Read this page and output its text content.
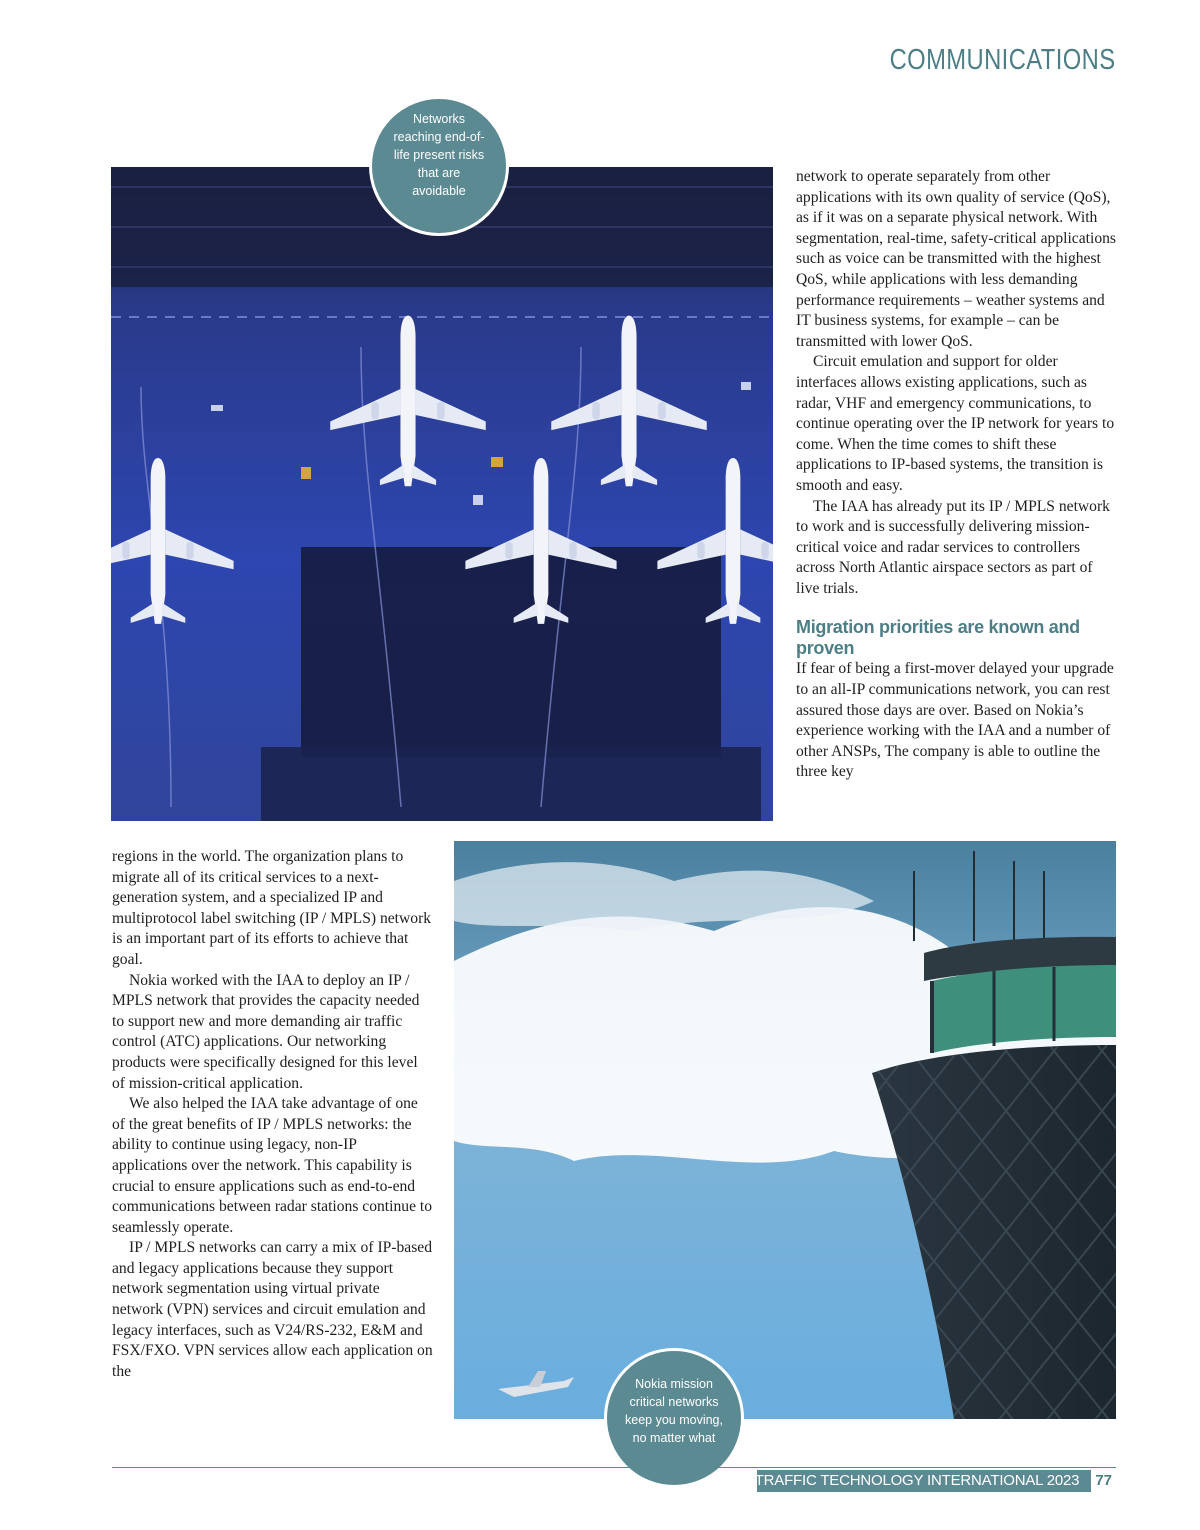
COMMUNICATIONS
Networks reaching end-of-life present risks that are avoidable

network to operate separately from other applications with its own quality of service (QoS), as if it was on a separate physical network. With segmentation, real-time, safety-critical applications such as voice can be transmitted with the highest QoS, while applications with less demanding performance requirements – weather systems and IT business systems, for example – can be transmitted with lower QoS.

Circuit emulation and support for older interfaces allows existing applications, such as radar, VHF and emergency communications, to continue operating over the IP network for years to come. When the time comes to shift these applications to IP-based systems, the transition is smooth and easy.

The IAA has already put its IP / MPLS network to work and is successfully delivering mission-critical voice and radar services to controllers across North Atlantic airspace sectors as part of live trials.

Migration priorities are known and proven

If fear of being a first-mover delayed your upgrade to an all-IP communications network, you can rest assured those days are over. Based on Nokia’s experience working with the IAA and a number of other ANSPs, The company is able to outline the three key

regions in the world. The organization plans to migrate all of its critical services to a next-generation system, and a specialized IP and multiprotocol label switching (IP / MPLS) network is an important part of its efforts to achieve that goal.

Nokia worked with the IAA to deploy an IP / MPLS network that provides the capacity needed to support new and more demanding air traffic control (ATC) applications. Our networking products were specifically designed for this level of mission-critical application.

We also helped the IAA take advantage of one of the great benefits of IP / MPLS networks: the ability to continue using legacy, non-IP applications over the network. This capability is crucial to ensure applications such as end-to-end communications between radar stations continue to seamlessly operate.

IP / MPLS networks can carry a mix of IP-based and legacy applications because they support network segmentation using virtual private network (VPN) services and circuit emulation and legacy interfaces, such as V24/RS-232, E&M and FSX/FXO. VPN services allow each application on the

Nokia mission critical networks keep you moving, no matter what
AIR TRAFFIC TECHNOLOGY INTERNATIONAL 2023 77
